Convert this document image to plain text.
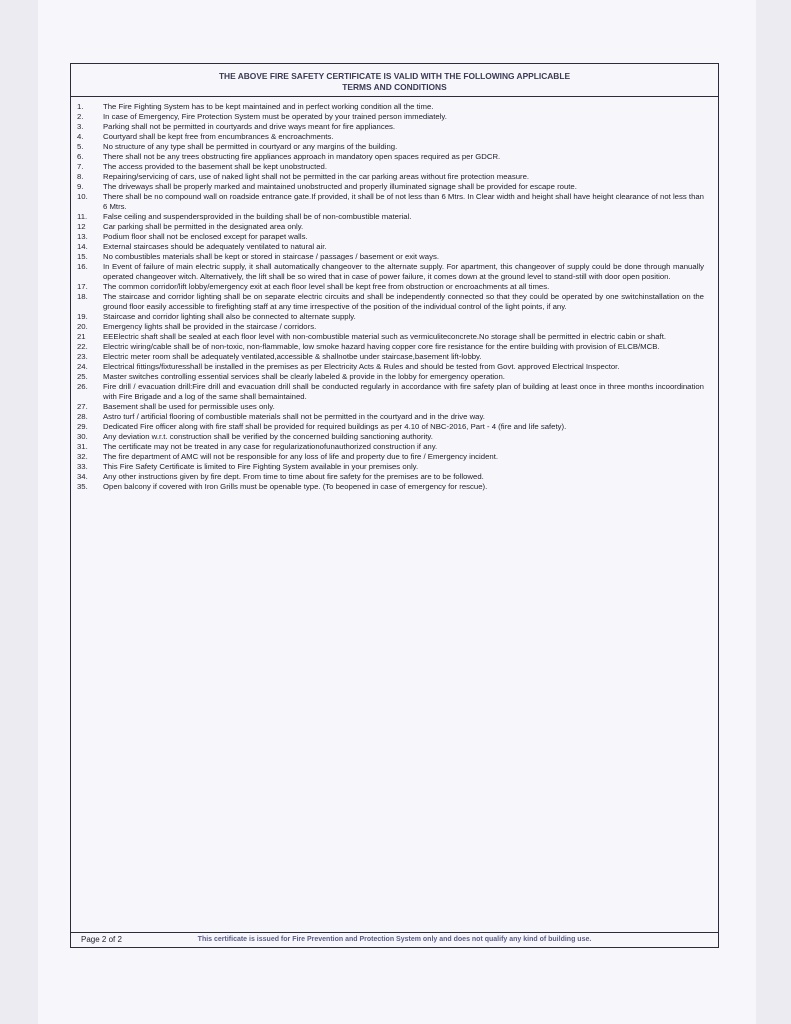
THE ABOVE FIRE SAFETY CERTIFICATE IS VALID WITH THE FOLLOWING APPLICABLE
TERMS AND CONDITIONS
1.	The Fire Fighting System has to be kept maintained and in perfect working condition all the time.
2.	In case of Emergency, Fire Protection System must be operated by your trained person immediately.
3.	Parking shall not be permitted in courtyards and drive ways meant for fire appliances.
4.	Courtyard shall be kept free from encumbrances & encroachments.
5.	No structure of any type shall be permitted in courtyard or any margins of the building.
6.	There shall not be any trees obstructing fire appliances approach in mandatory open spaces required as per GDCR.
7.	The access provided to the basement shall be kept unobstructed.
8.	Repairing/servicing of cars, use of naked light shall not be permitted in the car parking areas without fire protection measure.
9.	The driveways shall be properly marked and maintained unobstructed and properly illuminated signage shall be provided for escape route.
10.	There shall be no compound wall on roadside entrance gate.If provided, it shall be of not less than 6 Mtrs. In Clear width and height shall have height clearance of not less than 6 Mtrs.
11.	False ceiling and suspendersprovided in the building shall be of non-combustible material.
12	Car parking shall be permitted in the designated area only.
13.	Podium floor shall not be enclosed except for parapet walls.
14.	External staircases should be adequately ventilated to natural air.
15.	No combustibles materials shall be kept or stored in staircase / passages / basement or exit ways.
16.	In Event of failure of main electric supply, it shall automatically changeover to the alternate supply. For apartment, this changeover of supply could be done through manually operated changeover witch. Alternatively, the lift shall be so wired that in case of power failure, it comes down at the ground level to stand-still with door open position.
17.	The common corridor/lift lobby/emergency exit at each floor level shall be kept free from obstruction or encroachments at all times.
18.	The staircase and corridor lighting shall be on separate electric circuits and shall be independently connected so that they could be operated by one switchinstallation on the ground floor easily accessible to firefighting staff at any time irrespective of the position of the individual control of the light points, if any.
19.	Staircase and corridor lighting shall also be connected to alternate supply.
20.	Emergency lights shall be provided in the staircase / corridors.
21	EEElectric shaft shall be sealed at each floor level with non-combustible material such as vermiculiteconcrete.No storage shall be permitted in electric cabin or shaft.
22.	Electric wiring/cable shall be of non-toxic, non-flammable, low smoke hazard having copper core fire resistance for the entire building with provision of ELCB/MCB.
23.	Electric meter room shall be adequately ventilated,accessible & shallnotbe under staircase,basement lift-lobby.
24.	Electrical fittings/fixturesshall be installed in the premises as per Electricity Acts & Rules and should be tested from Govt. approved Electrical Inspector.
25.	Master switches controlling essential services shall be clearly labeled & provide in the lobby for emergency operation.
26.	Fire drill / evacuation drill:Fire drill and evacuation drill shall be conducted regularly in accordance with fire safety plan of building at least once in three months incoordination with Fire Brigade and a log of the same shall bemaintained.
27.	Basement shall be used for permissible uses only.
28.	Astro turf / artificial flooring of combustible materials shall not be permitted in the courtyard and in the drive way.
29.	Dedicated Fire officer along with fire staff shall be provided for required buildings as per 4.10 of NBC-2016, Part - 4 (fire and life safety).
30.	Any deviation w.r.t. construction shall be verified by the concerned building sanctioning authority.
31.	The certificate may not be treated in any case for regularizationofunauthorized construction if any.
32.	The fire department of AMC will not be responsible for any loss of life and property due to fire / Emergency incident.
33.	This Fire Safety Certificate is limited to Fire Fighting System available in your premises only.
34.	Any other instructions given by fire dept. From time to time about fire safety for the premises are to be followed.
35.	Open balcony if covered with Iron Grills must be openable type. (To beopened in case of emergency for rescue).
Page 2 of 2	This certificate is issued for Fire Prevention and Protection System only and does not qualify any kind of building use.
